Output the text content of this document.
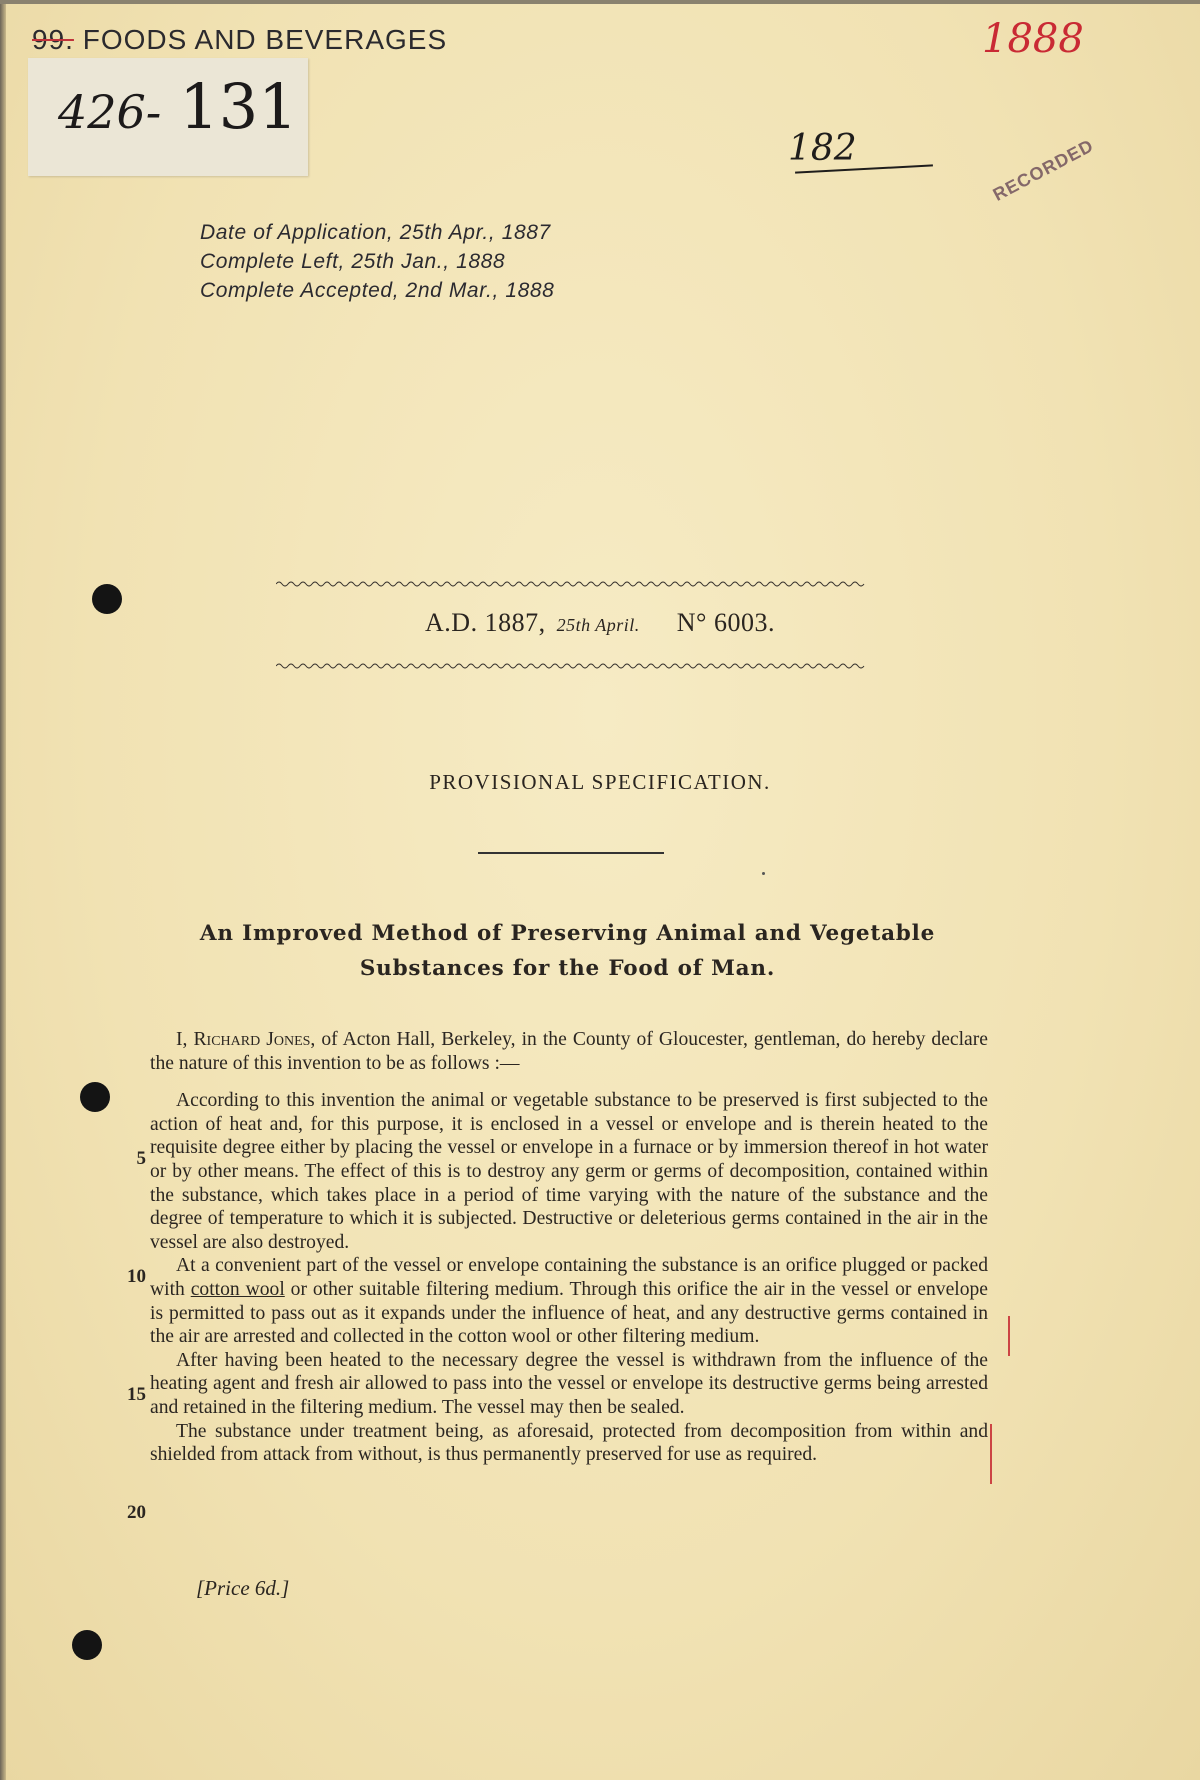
99. FOODS AND BEVERAGES
426- 131
1888
182	RECORDED
Date of Application, 25th Apr., 1887
Complete Left, 25th Jan., 1888
Complete Accepted, 2nd Mar., 1888
A.D. 1887, 25th April. N° 6003.
PROVISIONAL SPECIFICATION.
An Improved Method of Preserving Animal and Vegetable
Substances for the Food of Man.

I, Richard Jones, of Acton Hall, Berkeley, in the County of Gloucester, gentleman, do hereby declare the nature of this invention to be as follows :—

According to this invention the animal or vegetable substance to be preserved is first subjected to the action of heat and, for this purpose, it is enclosed in a vessel or envelope and is therein heated to the requisite degree either by placing the vessel or envelope in a furnace or by immersion thereof in hot water or by other means. The effect of this is to destroy any germ or germs of decomposition, contained within the substance, which takes place in a period of time varying with the nature of the substance and the degree of temperature to which it is subjected. Destructive or deleterious germs contained in the air in the vessel are also destroyed.

At a convenient part of the vessel or envelope containing the substance is an orifice plugged or packed with cotton wool or other suitable filtering medium. Through this orifice the air in the vessel or envelope is permitted to pass out as it expands under the influence of heat, and any destructive germs contained in the air are arrested and collected in the cotton wool or other filtering medium.

After having been heated to the necessary degree the vessel is withdrawn from the influence of the heating agent and fresh air allowed to pass into the vessel or envelope its destructive germs being arrested and retained in the filtering medium. The vessel may then be sealed.

The substance under treatment being, as aforesaid, protected from decomposition from within and shielded from attack from without, is thus permanently preserved for use as required.

5
10
15
20
[Price 6d.]
